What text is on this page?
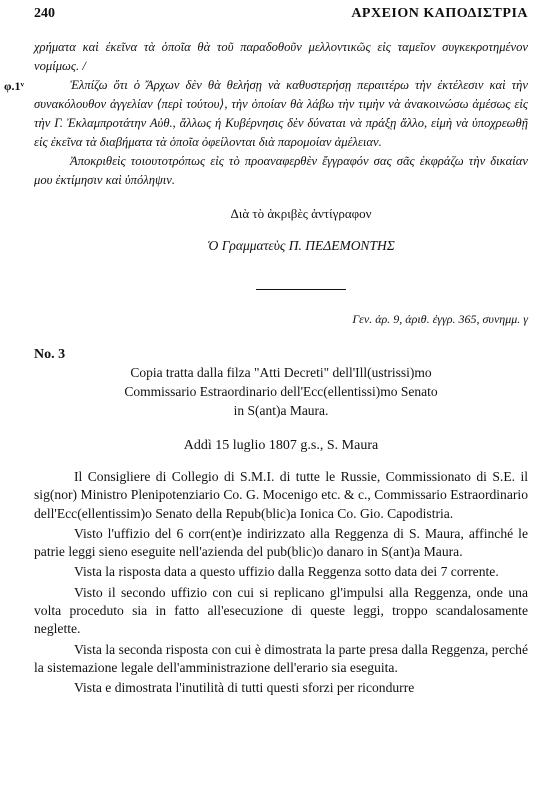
240	ΑΡΧΕΙΟΝ ΚΑΠΟΔΙΣΤΡΙΑ

χρήματα καὶ ἐκεῖνα τὰ ὁποῖα θὰ τοῦ παραδοθοῦν μελλοντικῶς εἰς ταμεῖον συγκεκροτημένον νομίμως. /

φ.1ᵛ	Ἐλπίζω ὅτι ὁ Ἄρχων δὲν θὰ θελήσῃ νὰ καθυστερήσῃ περαιτέρω τὴν ἐκτέλεσιν καὶ τὴν συνακόλουθον ἀγγελίαν ⟨περὶ τούτου⟩, τὴν ὁποίαν θὰ λάβω τὴν τιμὴν νὰ ἀνακοινώσω ἀμέσως εἰς τὴν Γ. Ἐκλαμπροτάτην Αὐθ., ἄλλως ἡ Κυβέρνησις δὲν δύναται νὰ πράξῃ ἄλλο, εἰμὴ νὰ ὑποχρεωθῇ εἰς ἐκεῖνα τὰ διαβήματα τὰ ὁποῖα ὀφείλονται διὰ παρομοίαν ἀμέλειαν.

Ἀποκριθεὶς τοιουτοτρόπως εἰς τὸ προαναφερθὲν ἔγγραφόν σας σᾶς ἐκφράζω τὴν δικαίαν μου ἐκτίμησιν καὶ ὑπόληψιν.

Διὰ τὸ ἀκριβὲς ἀντίγραφον

Ὁ Γραμματεὺς Π. ΠΕΔΕΜΟΝΤΗΣ

Γεν. ἀρ. 9, ἀριθ. ἐγγρ. 365, συνημμ. γ

No. 3
Copia tratta dalla filza "Atti Decreti" dell'Ill(ustrissi)mo
Commissario Estraordinario dell'Ecc(ellentissi)mo Senato
in S(ant)a Maura.
Addì 15 luglio 1807 g.s., S. Maura

Il Consigliere di Collegio di S.M.I. di tutte le Russie, Commissionato di S.E. il sig(nor) Ministro Plenipotenziario Co. G. Mocenigo etc. & c., Commissario Estraordinario dell'Ecc(ellentissim)o Senato della Repub(blic)a Ionica Co. Gio. Capodistria.

Visto l'uffizio del 6 corr(ent)e indirizzato alla Reggenza di S. Maura, affinché le patrie leggi sieno eseguite nell'azienda del pub(blic)o danaro in S(ant)a Maura.

Vista la risposta data a questo uffizio dalla Reggenza sotto data dei 7 corrente.

Visto il secondo uffizio con cui si replicano gl'impulsi alla Reggenza, onde una volta proceduto sia in fatto all'esecuzione di queste leggi, troppo scandalosamente neglette.

Vista la seconda risposta con cui è dimostrata la parte presa dalla Reggenza, perché la sistemazione legale dell'amministrazione dell'erario sia eseguita.

Vista e dimostrata l'inutilità di tutti questi sforzi per ricondurre
